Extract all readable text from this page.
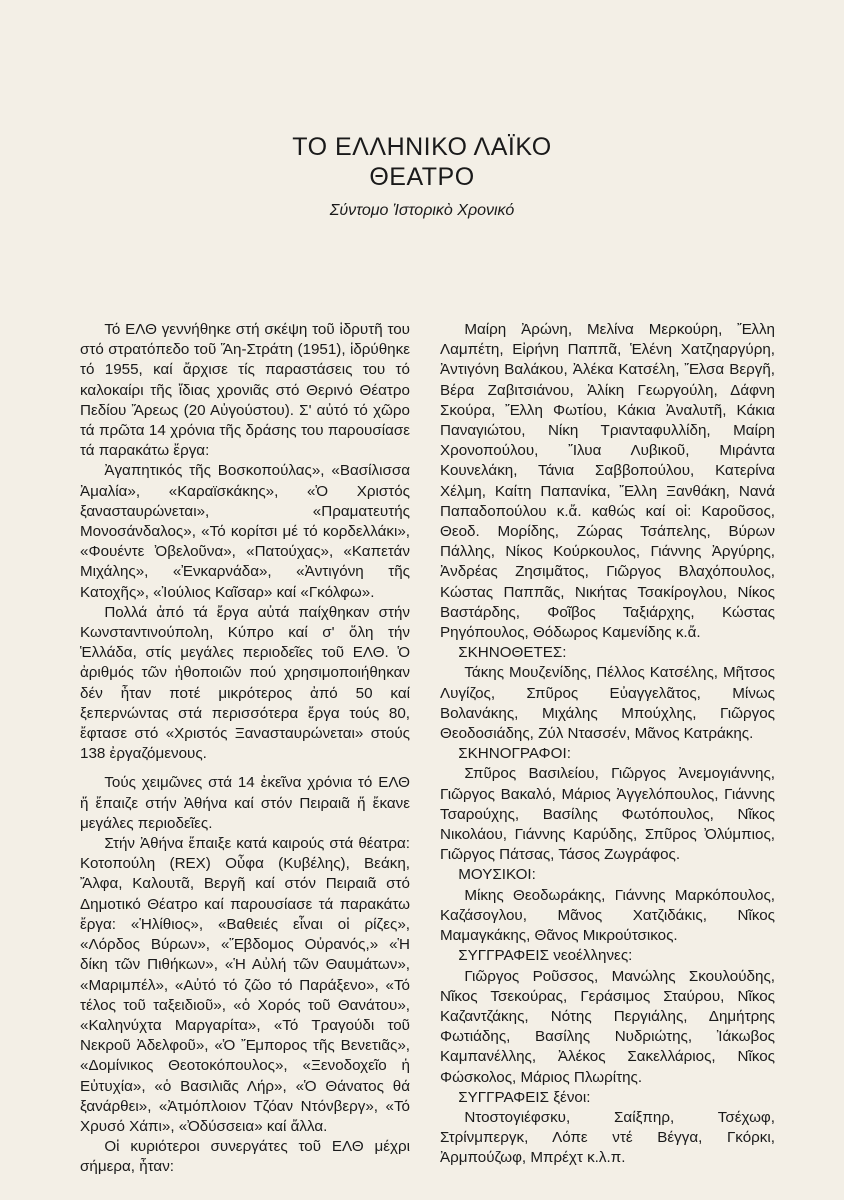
ΤΟ ΕΛΛΗΝΙΚΟ ΛΑΪΚΟ
ΘΕΑΤΡΟ
Σύντομο Ἱστορικὸ Χρονικό

Τό ΕΛΘ γεννήθηκε στή σκέψη τοῦ ἱδρυτῆ του στό στρατόπεδο τοῦ Ἅη-Στράτη (1951), ἱδρύθηκε τό 1955, καί ἄρχισε τίς παραστάσεις του τό καλοκαίρι τῆς ἴδιας χρονιᾶς στό Θερινό Θέατρο Πεδίου Ἄρεως (20 Αὐγούστου). Σ' αὐτό τό χῶρο τά πρῶτα 14 χρόνια τῆς δράσης του παρουσίασε τά παρακάτω ἔργα:

Ἀγαπητικός τῆς Βοσκοπούλας», «Βασίλισσα Ἀμαλία», «Καραϊσκάκης», «Ὁ Χριστός ξανασταυρώνεται», «Πραματευτής Μονοσάνδαλος», «Τό κορίτσι μέ τό κορδελλάκι», «Φουέντε Ὀβελοῦνα», «Πατούχας», «Καπετάν Μιχάλης», «Ἐνκαρνάδα», «Ἀντιγόνη τῆς Κατοχῆς», «Ἰούλιος Καῖσαρ» καί «Γκόλφω».

Πολλά ἀπό τά ἔργα αὐτά παίχθηκαν στήν Κωνσταντινούπολη, Κύπρο καί σ' ὅλη τήν Ἑλλάδα, στίς μεγάλες περιοδεῖες τοῦ ΕΛΘ. Ὁ ἀριθμός τῶν ἠθοποιῶν πού χρησιμοποιήθηκαν δέν ἦταν ποτέ μικρότερος ἀπό 50 καί ξεπερνώντας στά περισσότερα ἔργα τούς 80, ἔφτασε στό «Χριστός Ξανασταυρώνεται» στούς 138 ἐργαζόμενους.

Τούς χειμῶνες στά 14 ἐκεῖνα χρόνια τό ΕΛΘ ἤ ἔπαιζε στήν Ἀθήνα καί στόν Πειραιᾶ ἤ ἔκανε μεγάλες περιοδεῖες.

Στήν Ἀθήνα ἔπαιξε κατά καιρούς στά θέατρα: Κοτοπούλη (REX) Οὖφα (Κυβέλης), Βεάκη, Ἄλφα, Καλουτᾶ, Βεργῆ καί στόν Πειραιᾶ στό Δημοτικό Θέατρο καί παρουσίασε τά παρακάτω ἔργα: «Ἡλίθιος», «Βαθειές εἶναι οἱ ρίζες», «Λόρδος Βύρων», «Ἕβδομος Οὐρανός,» «Ἡ δίκη τῶν Πιθήκων», «Ἡ Αὐλή τῶν Θαυμάτων», «Μαριμπέλ», «Αὐτό τό ζῶο τό Παράξενο», «Τό τέλος τοῦ ταξειδιοῦ», «ὁ Χορός τοῦ Θανάτου», «Καληνύχτα Μαργαρίτα», «Τό Τραγούδι τοῦ Νεκροῦ Ἀδελφοῦ», «Ὁ Ἔμπορος τῆς Βενετιᾶς», «Δομίνικος Θεοτοκόπουλος», «Ξενοδοχεῖο ἡ Εὐτυχία», «ὁ Βασιλιᾶς Λήρ», «Ὁ Θάνατος θά ξανάρθει», «Ἀτμόπλοιον Τζόαν Ντόνβεργ», «Τό Χρυσό Χάπι», «Ὀδύσσεια» καί ἄλλα.

Οἱ κυριότεροι συνεργάτες τοῦ ΕΛΘ μέχρι σήμερα, ἦταν:

Μαίρη Ἀρώνη, Μελίνα Μερκούρη, Ἔλλη Λαμπέτη, Εἰρήνη Παππᾶ, Ἑλένη Χατζηαργύρη, Ἀντιγόνη Βαλάκου, Ἀλέκα Κατσέλη, Ἔλσα Βεργῆ, Βέρα Ζαβιτσιάνου, Ἀλίκη Γεωργούλη, Δάφνη Σκούρα, Ἔλλη Φωτίου, Κάκια Ἀναλυτῆ, Κάκια Παναγιώτου, Νίκη Τριανταφυλλίδη, Μαίρη Χρονοπούλου, Ἴλυα Λυβικοῦ, Μιράντα Κουνελάκη, Τάνια Σαββοπούλου, Κατερίνα Χέλμη, Καίτη Παπανίκα, Ἔλλη Ξανθάκη, Νανά Παπαδοπούλου κ.ἄ. καθώς καί οἱ: Καροῦσος, Θεοδ. Μορίδης, Ζώρας Τσάπελης, Βύρων Πάλλης, Νίκος Κούρκουλος, Γιάννης Ἀργύρης, Ἀνδρέας Ζησιμᾶτος, Γιῶργος Βλαχόπουλος, Κώστας Παππᾶς, Νικήτας Τσακίρογλου, Νίκος Βαστάρδης, Φοῖβος Ταξιάρχης, Κώστας Ρηγόπουλος, Θόδωρος Καμενίδης κ.ἄ.

ΣΚΗΝΟΘΕΤΕΣ:

Τάκης Μουζενίδης, Πέλλος Κατσέλης, Μῆτσος Λυγίζος, Σπῦρος Εὐαγγελᾶτος, Μίνως Βολανάκης, Μιχάλης Μπούχλης, Γιῶργος Θεοδοσιάδης, Ζύλ Ντασσέν, Μᾶνος Κατράκης.

ΣΚΗΝΟΓΡΑΦΟΙ:

Σπῦρος Βασιλείου, Γιῶργος Ἀνεμογιάννης, Γιῶργος Βακαλό, Μάριος Ἀγγελόπουλος, Γιάννης Τσαρούχης, Βασίλης Φωτόπουλος, Νῖκος Νικολάου, Γιάννης Καρύδης, Σπῦρος Ὀλύμπιος, Γιῶργος Πάτσας, Τάσος Ζωγράφος.

ΜΟΥΣΙΚΟΙ:

Μίκης Θεοδωράκης, Γιάννης Μαρκόπουλος, Καζάσογλου, Μᾶνος Χατζιδάκις, Νῖκος Μαμαγκάκης, Θᾶνος Μικρούτσικος.

ΣΥΓΓΡΑΦΕΙΣ νεοέλληνες:

Γιῶργος Ρoῦσσος, Μανώλης Σκουλούδης, Νῖκος Τσεκούρας, Γεράσιμος Σταύρου, Νῖκος Καζαντζάκης, Νότης Περγιάλης, Δημήτρης Φωτιάδης, Βασίλης Νυδριώτης, Ἰάκωβος Καμπανέλλης, Ἀλέκος Σακελλάριος, Νῖκος Φώσκολος, Μάριος Πλωρίτης.

ΣΥΓΓΡΑΦΕΙΣ ξένοι:

Ντοστογιέφσκυ, Σαίξπηρ, Τσέχωφ, Στρίνμπεργκ, Λόπε ντέ Βέγγα, Γκόρκι, Ἀρμπούζωφ, Μπρέχτ κ.λ.π.
